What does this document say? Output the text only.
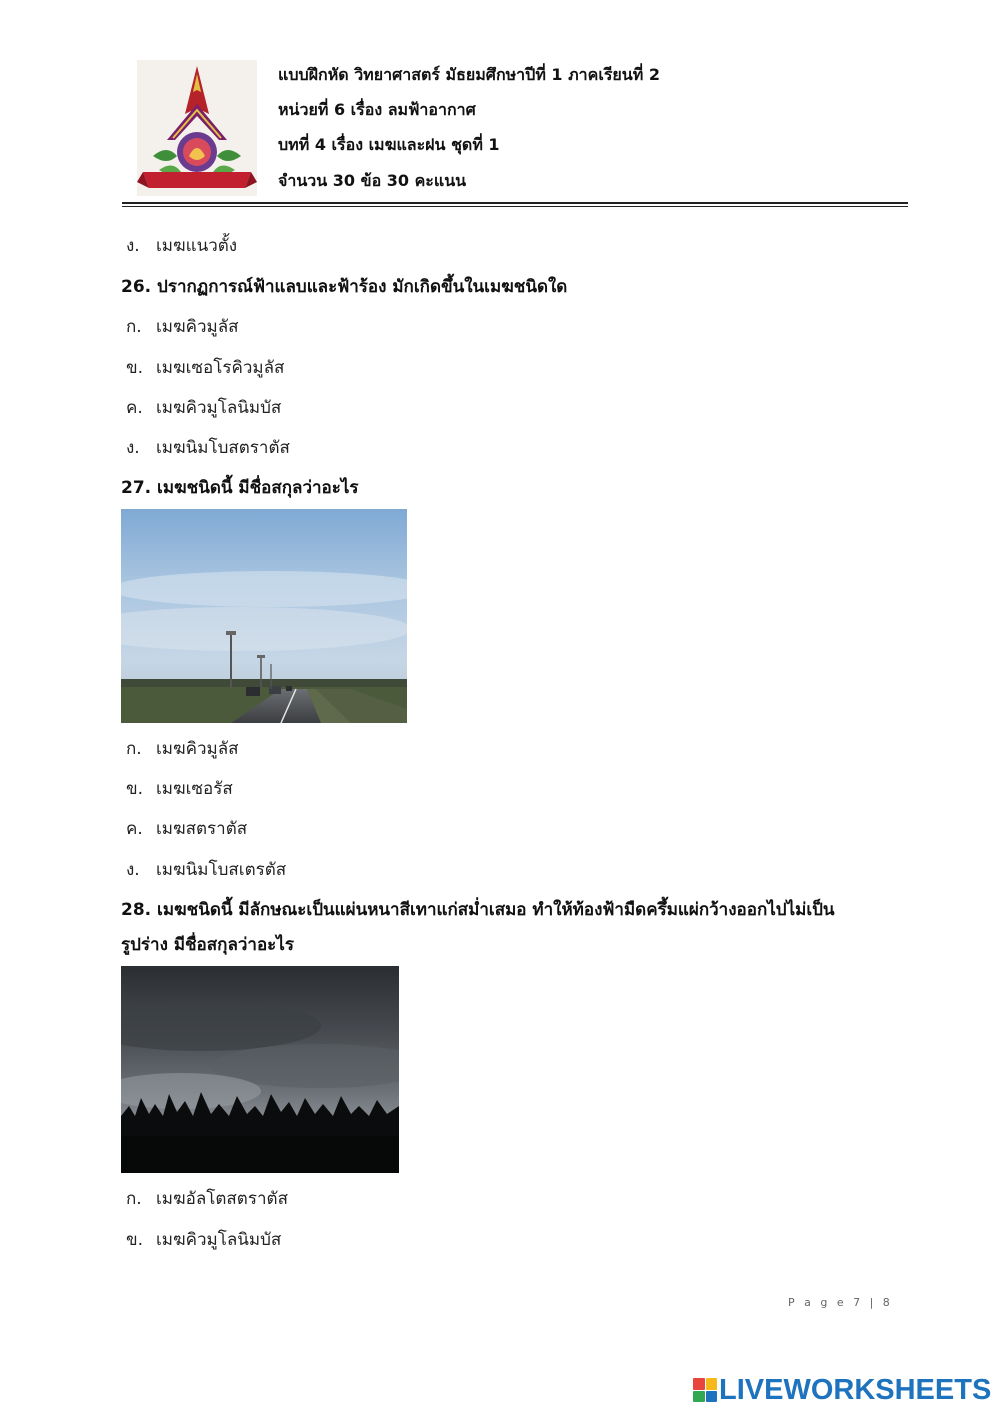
แบบฝึกหัด วิทยาศาสตร์ มัธยมศึกษาปีที่ 1 ภาคเรียนที่ 2
หน่วยที่ 6 เรื่อง ลมฟ้าอากาศ
บทที่ 4 เรื่อง เมฆและฝน ชุดที่ 1
จำนวน 30 ข้อ 30 คะแนน
ง. เมฆแนวตั้ง
26. ปรากฏการณ์ฟ้าแลบและฟ้าร้อง มักเกิดขึ้นในเมฆชนิดใด
ก. เมฆคิวมูลัส
ข. เมฆเซอโรคิวมูลัส
ค. เมฆคิวมูโลนิมบัส
ง. เมฆนิมโบสตราตัส
27. เมฆชนิดนี้ มีชื่อสกุลว่าอะไร
ก. เมฆคิวมูลัส
ข. เมฆเซอรัส
ค. เมฆสตราตัส
ง. เมฆนิมโบสเตรตัส
28. เมฆชนิดนี้ มีลักษณะเป็นแผ่นหนาสีเทาแก่สม่ำเสมอ ทำให้ท้องฟ้ามืดครึ้มแผ่กว้างออกไปไม่เป็น
รูปร่าง มีชื่อสกุลว่าอะไร
ก. เมฆอัลโตสตราตัส
ข. เมฆคิวมูโลนิมบัส
P a g e 7 | 8
LIVEWORKSHEETS
